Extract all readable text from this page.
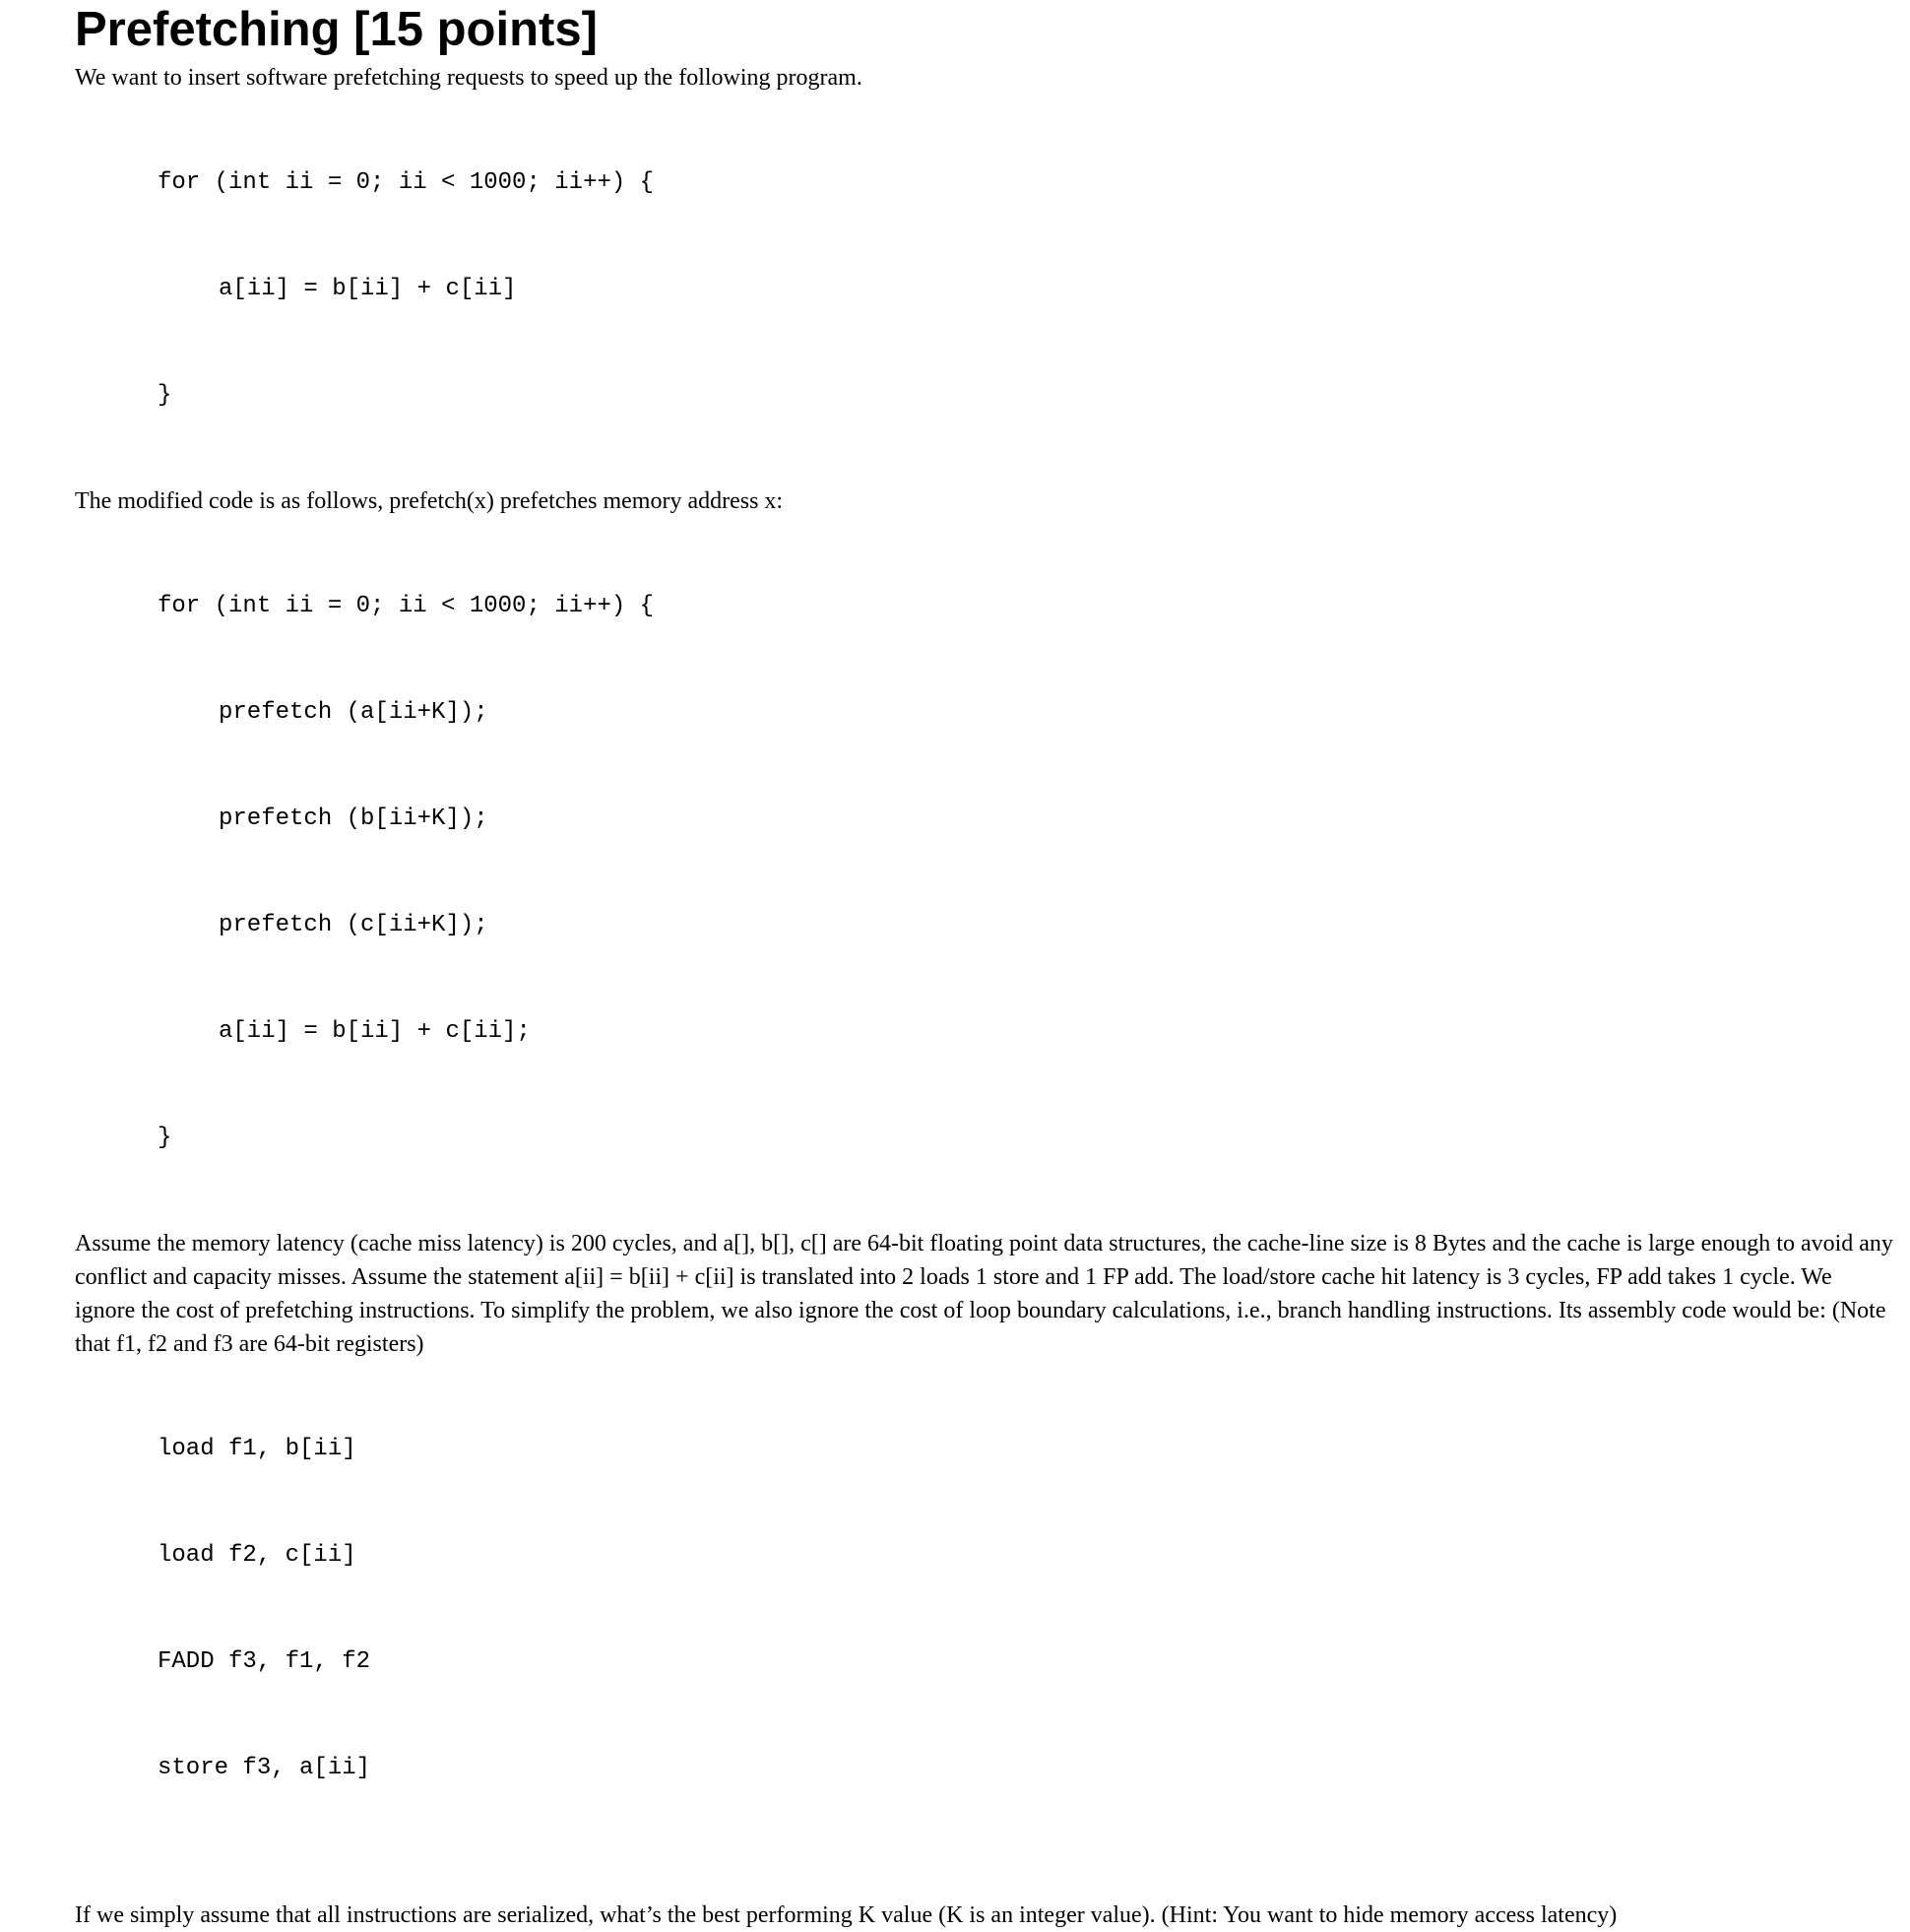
Prefetching [15 points]

We want to insert software prefetching requests to speed up the following program.

for (int ii = 0; ii < 1000; ii++) {

a[ii] = b[ii] + c[ii]

}

The modified code is as follows, prefetch(x) prefetches memory address x:

for (int ii = 0; ii < 1000; ii++) {

prefetch (a[ii+K]);

prefetch (b[ii+K]);

prefetch (c[ii+K]);

a[ii] = b[ii] + c[ii];

}

Assume the memory latency (cache miss latency) is 200 cycles, and a[], b[], c[] are 64-bit floating point data structures, the cache-line size is 8 Bytes and the cache is large enough to avoid any conflict and capacity misses. Assume the statement a[ii] = b[ii] + c[ii] is translated into 2 loads 1 store and 1 FP add. The load/store cache hit latency is 3 cycles, FP add takes 1 cycle. We ignore the cost of prefetching instructions. To simplify the problem, we also ignore the cost of loop boundary calculations, i.e., branch handling instructions. Its assembly code would be: (Note that f1, f2 and f3 are 64-bit registers)

load f1, b[ii]

load f2, c[ii]

FADD f3, f1, f2

store f3, a[ii]

If we simply assume that all instructions are serialized, what’s the best performing K value (K is an integer value). (Hint: You want to hide memory access latency)
